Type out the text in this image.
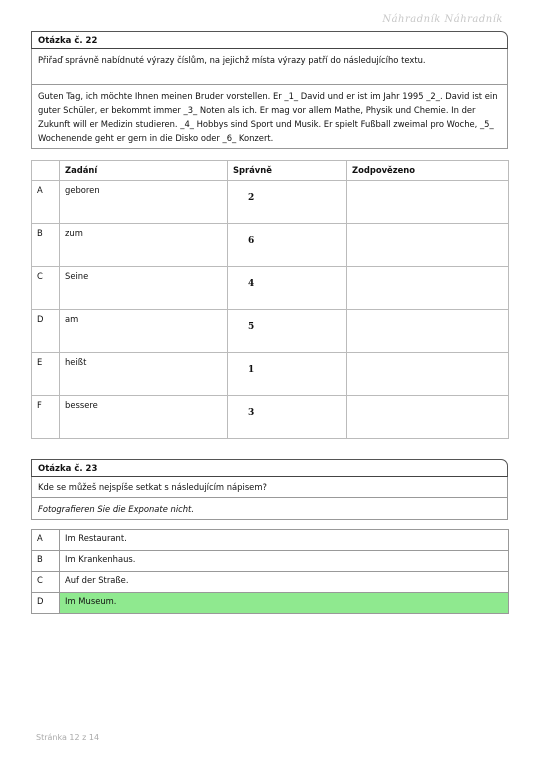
Náhradník Náhradník
Otázka č. 22
Přiřaď správně nabídnuté výrazy číslům, na jejichž místa výrazy patří do následujícího textu.
Guten Tag, ich möchte Ihnen meinen Bruder vorstellen. Er _1_ David und er ist im Jahr 1995 _2_. David ist ein guter Schüler, er bekommt immer _3_ Noten als ich. Er mag vor allem Mathe, Physik und Chemie. In der Zukunft will er Medizin studieren. _4_ Hobbys sind Sport und Musik. Er spielt Fußball zweimal pro Woche, _5_ Wochenende geht er gern in die Disko oder _6_ Konzert.
	Zadání	Správně	Zodpovězeno
A	geboren	2	
B	zum	6	
C	Seine	4	
D	am	5	
E	heißt	1	
F	bessere	3	
Otázka č. 23
Kde se můžeš nejspíše setkat s následujícím nápisem?
Fotografieren Sie die Exponate nicht.
A	Im Restaurant.
B	Im Krankenhaus.
C	Auf der Straße.
D	Im Museum.
Stránka 12 z 14
